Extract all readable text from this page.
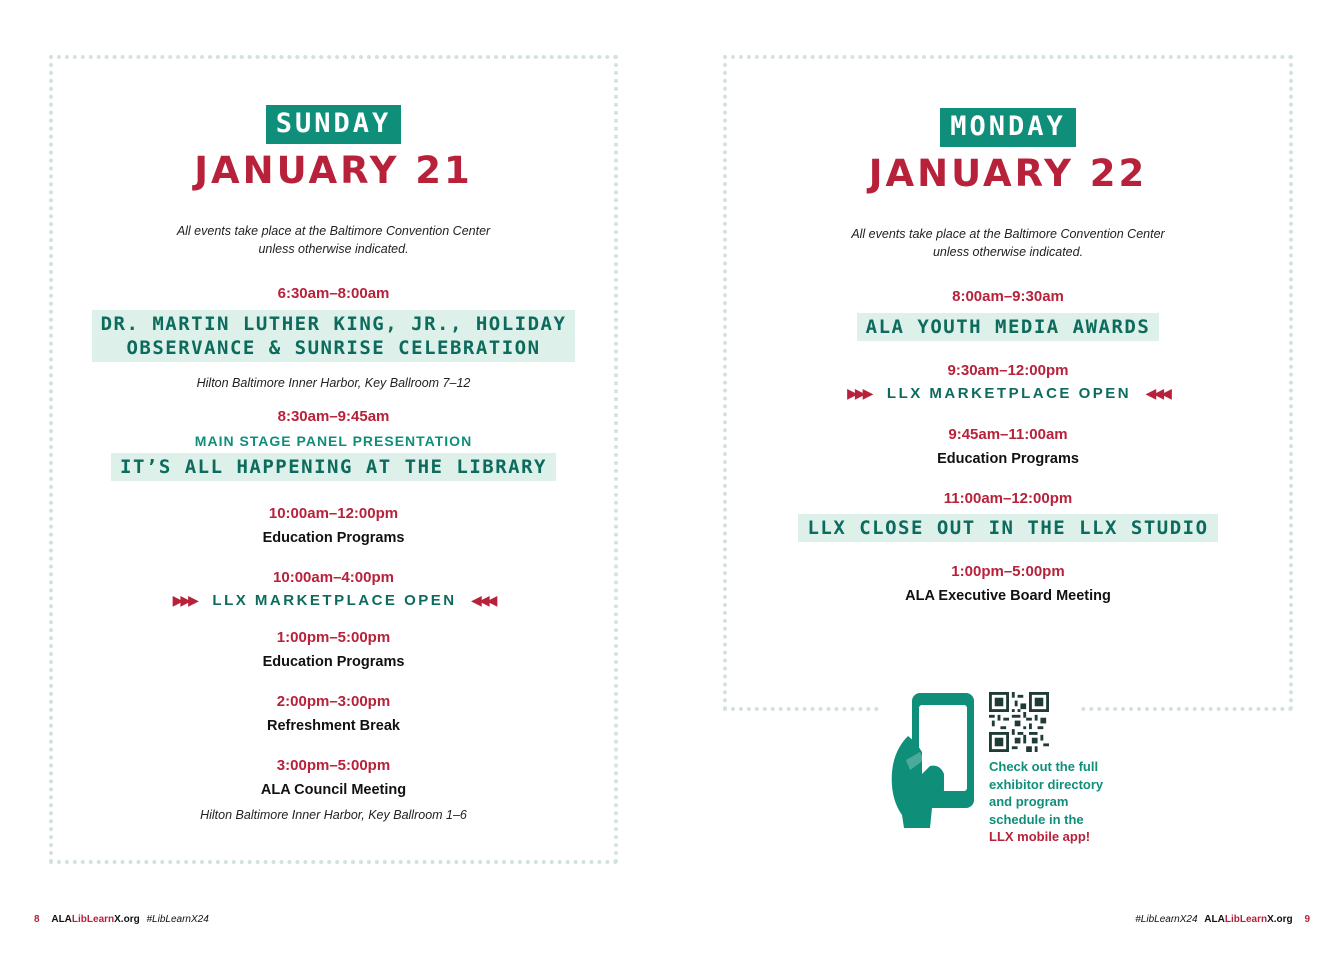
SUNDAY
JANUARY 21
All events take place at the Baltimore Convention Center
unless otherwise indicated.
6:30am–8:00am
DR. MARTIN LUTHER KING, JR., HOLIDAY
OBSERVANCE & SUNRISE CELEBRATION
Hilton Baltimore Inner Harbor, Key Ballroom 7–12
8:30am–9:45am
MAIN STAGE PANEL PRESENTATION
IT’S ALL HAPPENING AT THE LIBRARY
10:00am–12:00pm
Education Programs
10:00am–4:00pm
▶▶▶ LLX MARKETPLACE OPEN ◀◀◀
1:00pm–5:00pm
Education Programs
2:00pm–3:00pm
Refreshment Break
3:00pm–5:00pm
ALA Council Meeting
Hilton Baltimore Inner Harbor, Key Ballroom 1–6
MONDAY
JANUARY 22
All events take place at the Baltimore Convention Center
unless otherwise indicated.
8:00am–9:30am
ALA YOUTH MEDIA AWARDS
9:30am–12:00pm
▶▶▶ LLX MARKETPLACE OPEN ◀◀◀
9:45am–11:00am
Education Programs
11:00am–12:00pm
LLX CLOSE OUT IN THE LLX STUDIO
1:00pm–5:00pm
ALA Executive Board Meeting
Check out the full
exhibitor directory
and program
schedule in the
LLX mobile app!
8 ALALibLearnX.org #LibLearnX24	#LibLearnX24 ALALibLearnX.org 9
